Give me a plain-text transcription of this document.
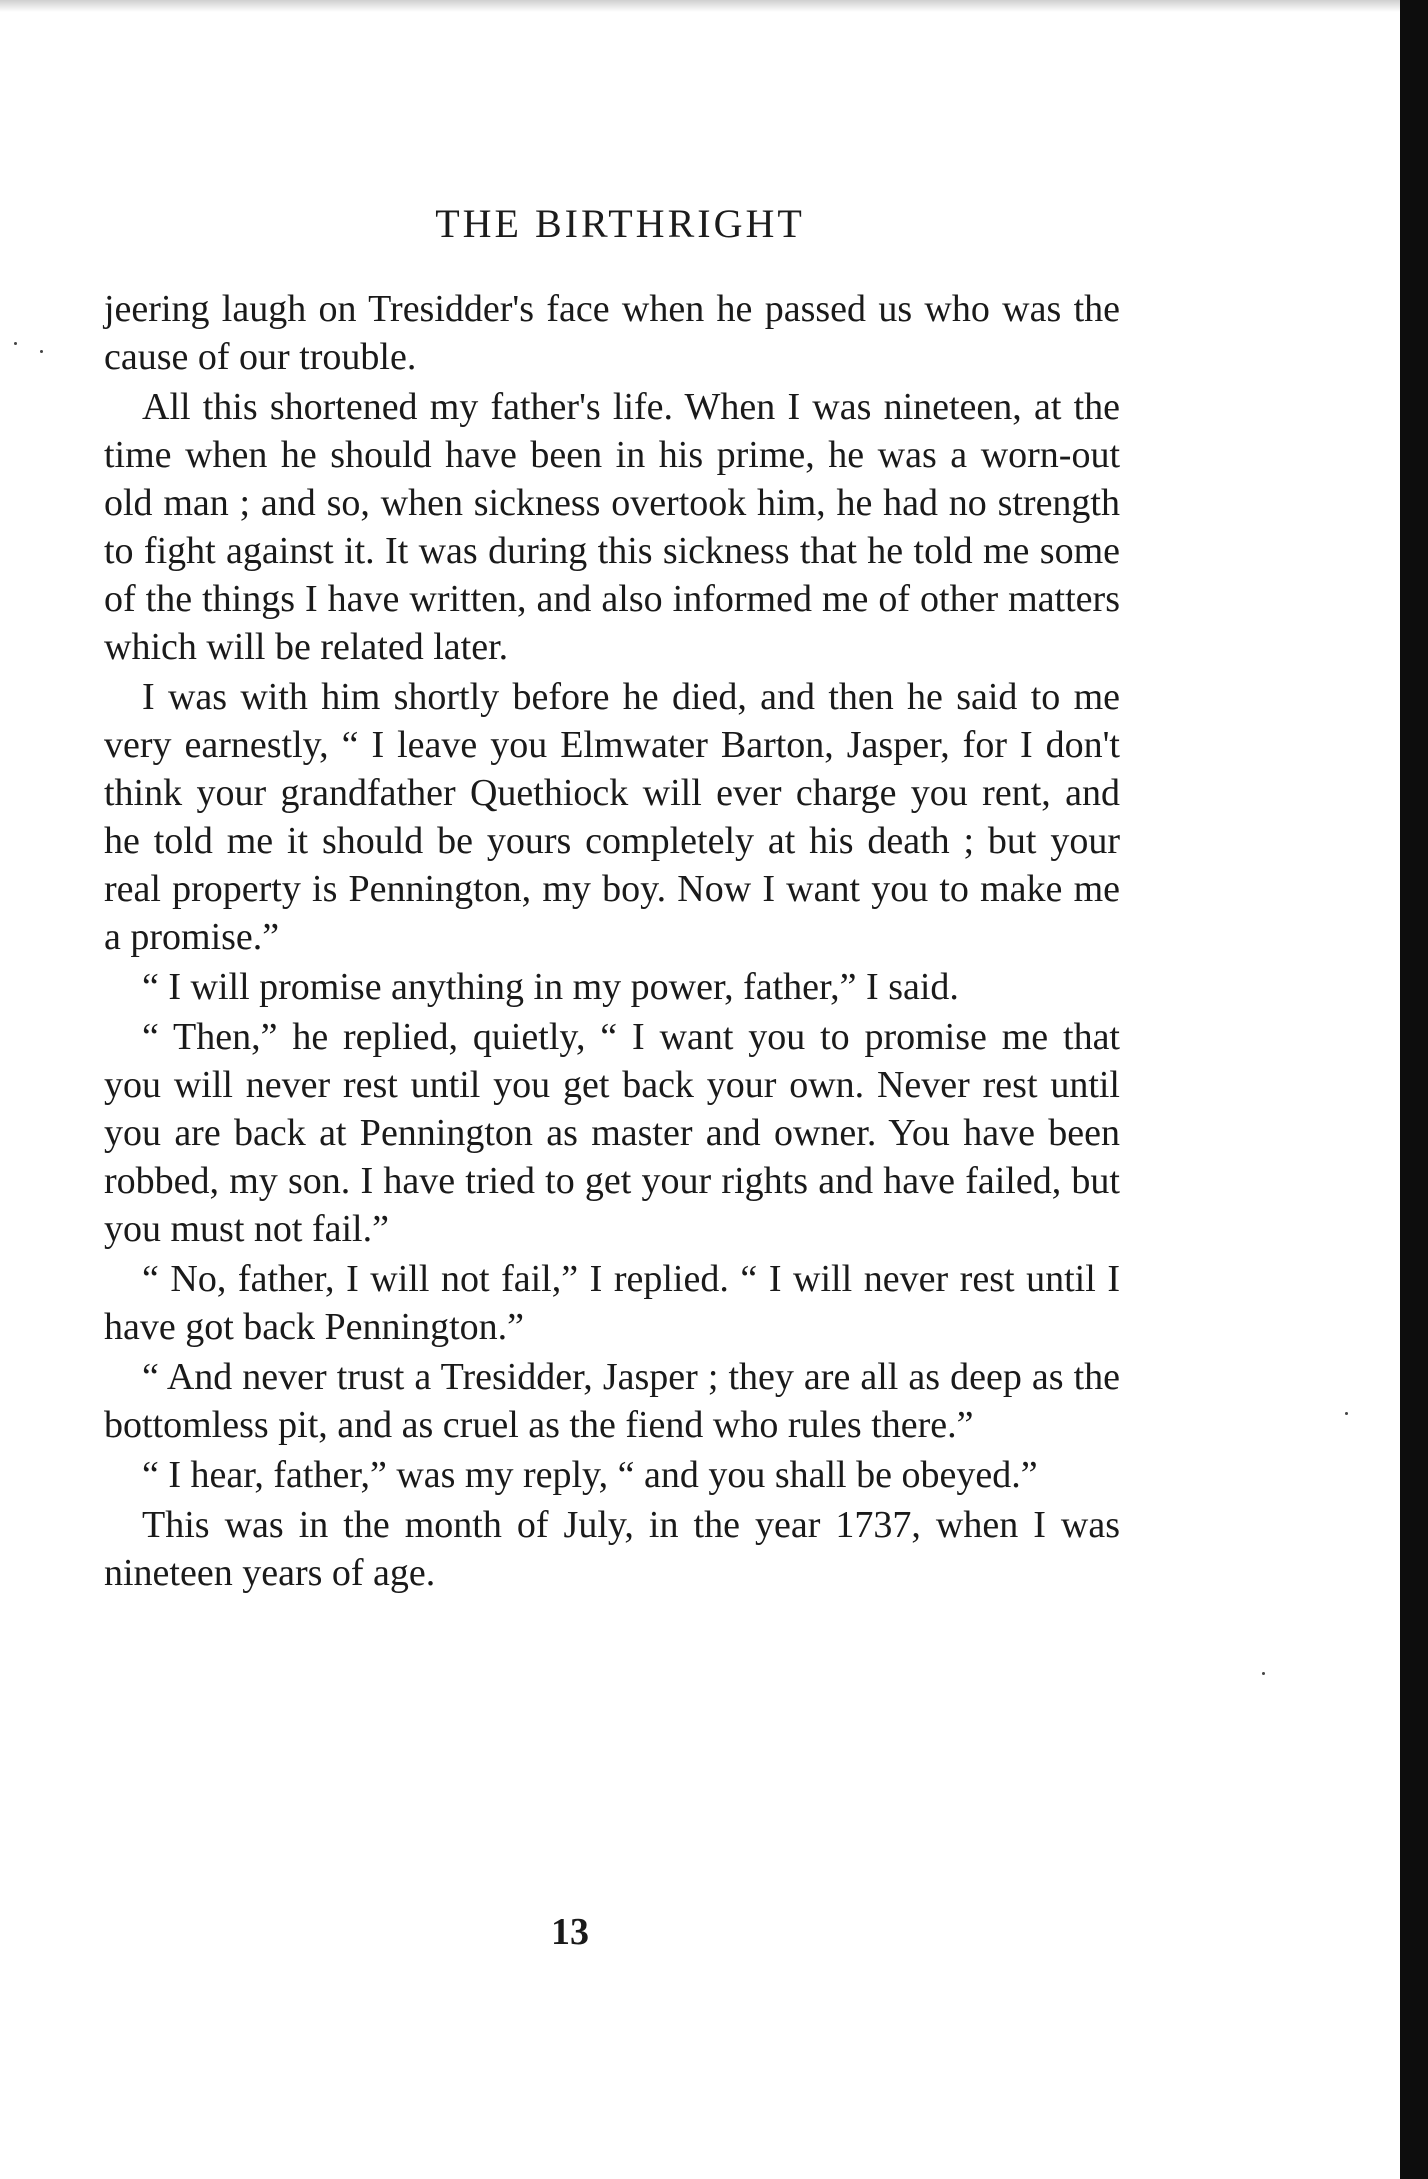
THE BIRTHRIGHT

jeering laugh on Tresidder's face when he passed us who was the cause of our trouble.

All this shortened my father's life. When I was nineteen, at the time when he should have been in his prime, he was a worn-out old man ; and so, when sickness overtook him, he had no strength to fight against it. It was during this sickness that he told me some of the things I have written, and also informed me of other matters which will be related later.

I was with him shortly before he died, and then he said to me very earnestly, “ I leave you Elmwater Barton, Jasper, for I don't think your grandfather Quethiock will ever charge you rent, and he told me it should be yours completely at his death ; but your real property is Pennington, my boy. Now I want you to make me a promise.”

“ I will promise anything in my power, father,” I said.

“ Then,” he replied, quietly, “ I want you to promise me that you will never rest until you get back your own. Never rest until you are back at Pennington as master and owner. You have been robbed, my son. I have tried to get your rights and have failed, but you must not fail.”

“ No, father, I will not fail,” I replied. “ I will never rest until I have got back Pennington.”

“ And never trust a Tresidder, Jasper ; they are all as deep as the bottomless pit, and as cruel as the fiend who rules there.”

“ I hear, father,” was my reply, “ and you shall be obeyed.”

This was in the month of July, in the year 1737, when I was nineteen years of age.

13
